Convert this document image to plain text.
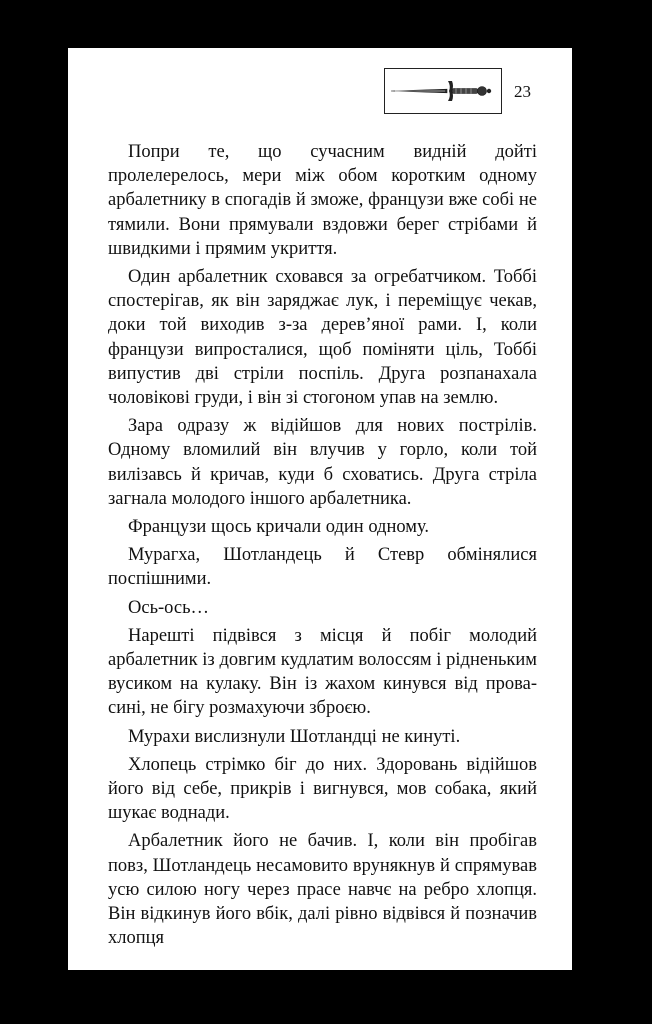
23

Попри те, що сучасним видній дойті пролелерелось, мери між обом коротким одному арбалетнику в спогадів й зможе, французи вже собі не тямили. Вони прямували вздовжи берег стрібами й швидкими і прямим укриття.

Один арбалетник сховався за огребатчиком. Тоббі спостерігав, як він заряджає лук, і переміщує чекав, доки той виходив з-за дерев’яної рами. І, коли французи випросталися, щоб поміняти ціль, Тоббі випустив дві стріли поспіль. Друга розпанахала чоловікові груди, і він зі стогоном упав на землю.

Зара одразу ж відійшов для нових пострілів. Одному вломилий він влучив у горло, коли той вилізавсь й кричав, куди б сховатись. Друга стріла загнала молодого іншого арбалетника.

Французи щось кричали один одному.

Мурагха, Шотландець й Стевр обмінялися поспішними.

Ось-ось…

Нарешті підвівся з місця й побіг молодий арбалетник із довгим кудлатим волоссям і рідненьким вусиком на кулаку. Він із жахом кинувся від прова-сині, не бігу розмахуючи зброєю.

Мурахи вислизнули Шотландці не кинуті.

Хлопець стрімко біг до них. Здоровань відійшов його від себе, прикрів і вигнувся, мов собака, який шукає воднади.

Арбалетник його не бачив. І, коли він пробігав повз, Шотландець несамовито врунякнув й спрямував усю силою ногу через прасе навчє на ребро хлопця. Він відкинув його вбік, далі рівно відвівся й позначив хлопця
